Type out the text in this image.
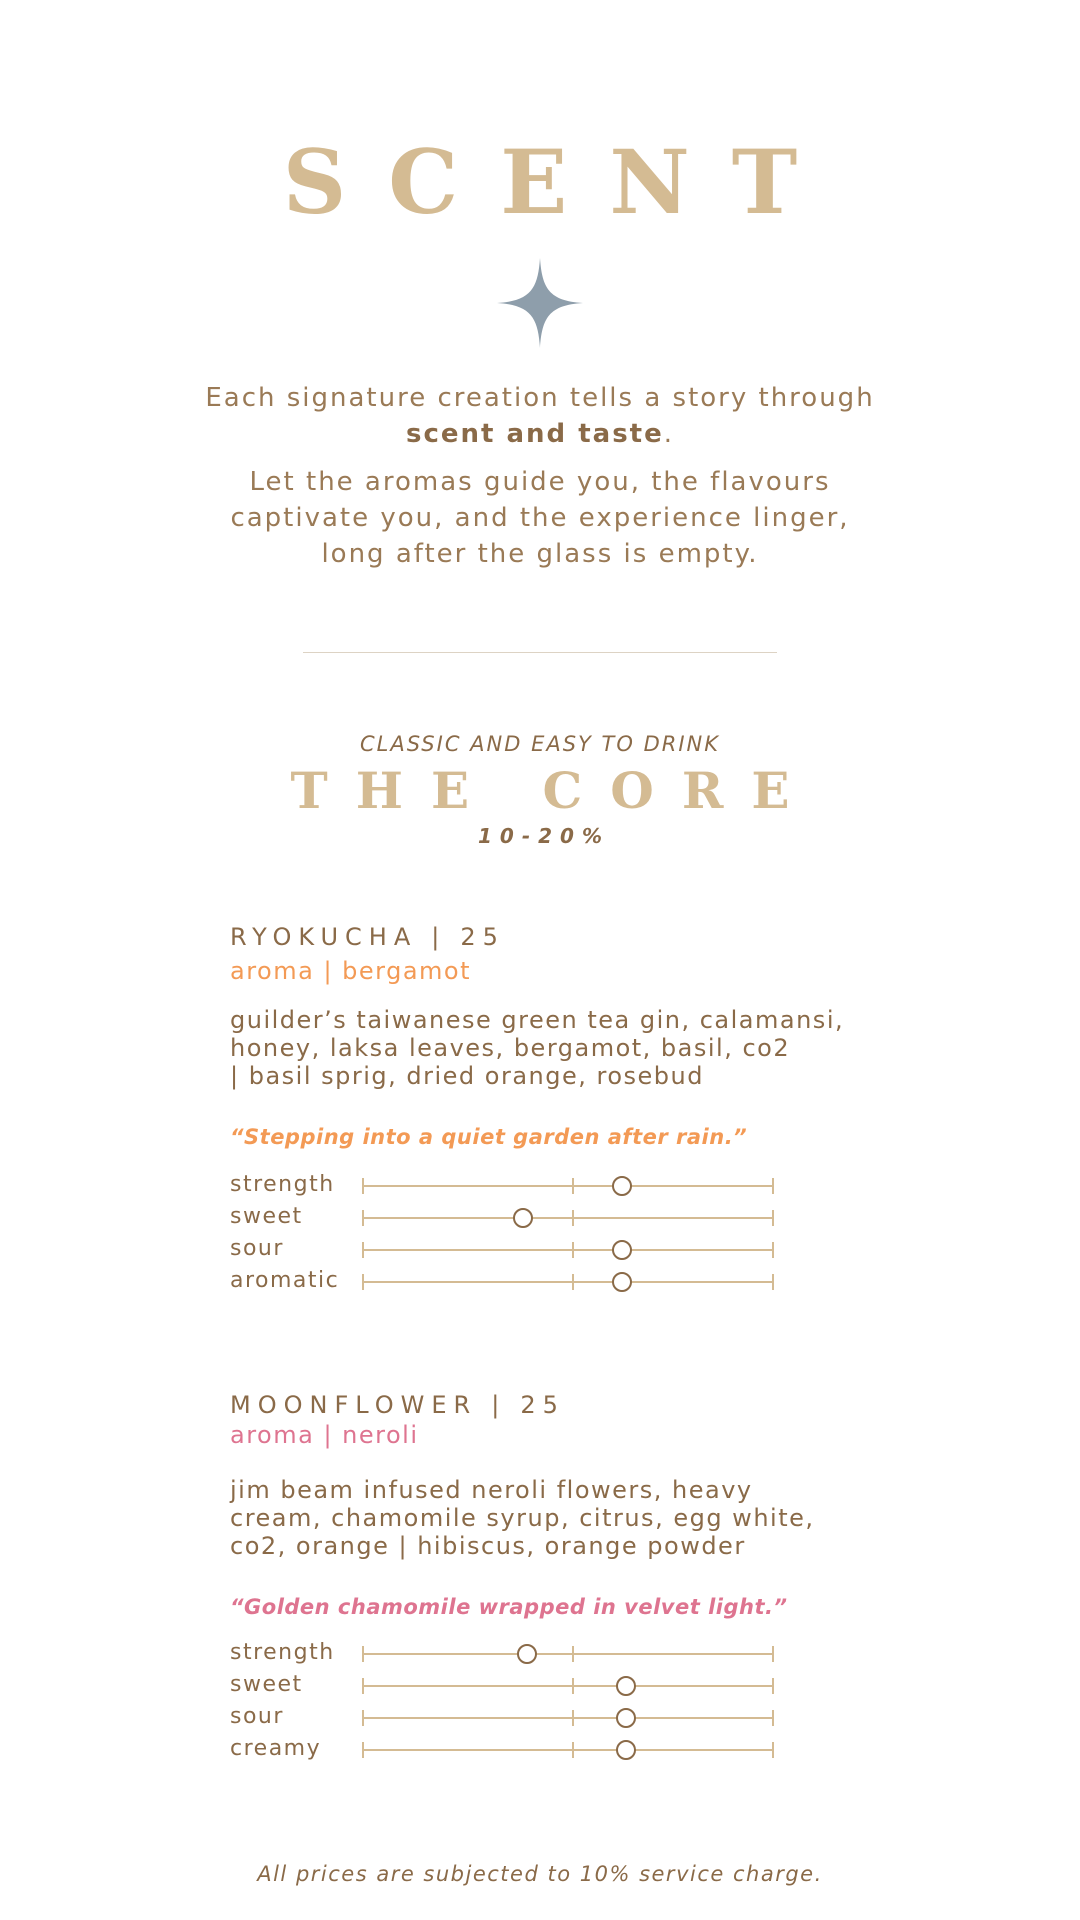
SCENT

Each signature creation tells a story through
scent and taste.

Let the aromas guide you, the flavours
captivate you, and the experience linger,
long after the glass is empty.

CLASSIC AND EASY TO DRINK
THE CORE
10-20%
RYOKUCHA | 25
aroma | bergamot
guilder’s taiwanese green tea gin, calamansi,
honey, laksa leaves, bergamot, basil, co2
| basil sprig, dried orange, rosebud
“Stepping into a quiet garden after rain.”
strength
sweet
sour
aromatic
MOONFLOWER | 25
aroma | neroli
jim beam infused neroli flowers, heavy
cream, chamomile syrup, citrus, egg white,
co2, orange | hibiscus, orange powder
“Golden chamomile wrapped in velvet light.”
strength
sweet
sour
creamy
All prices are subjected to 10% service charge.
